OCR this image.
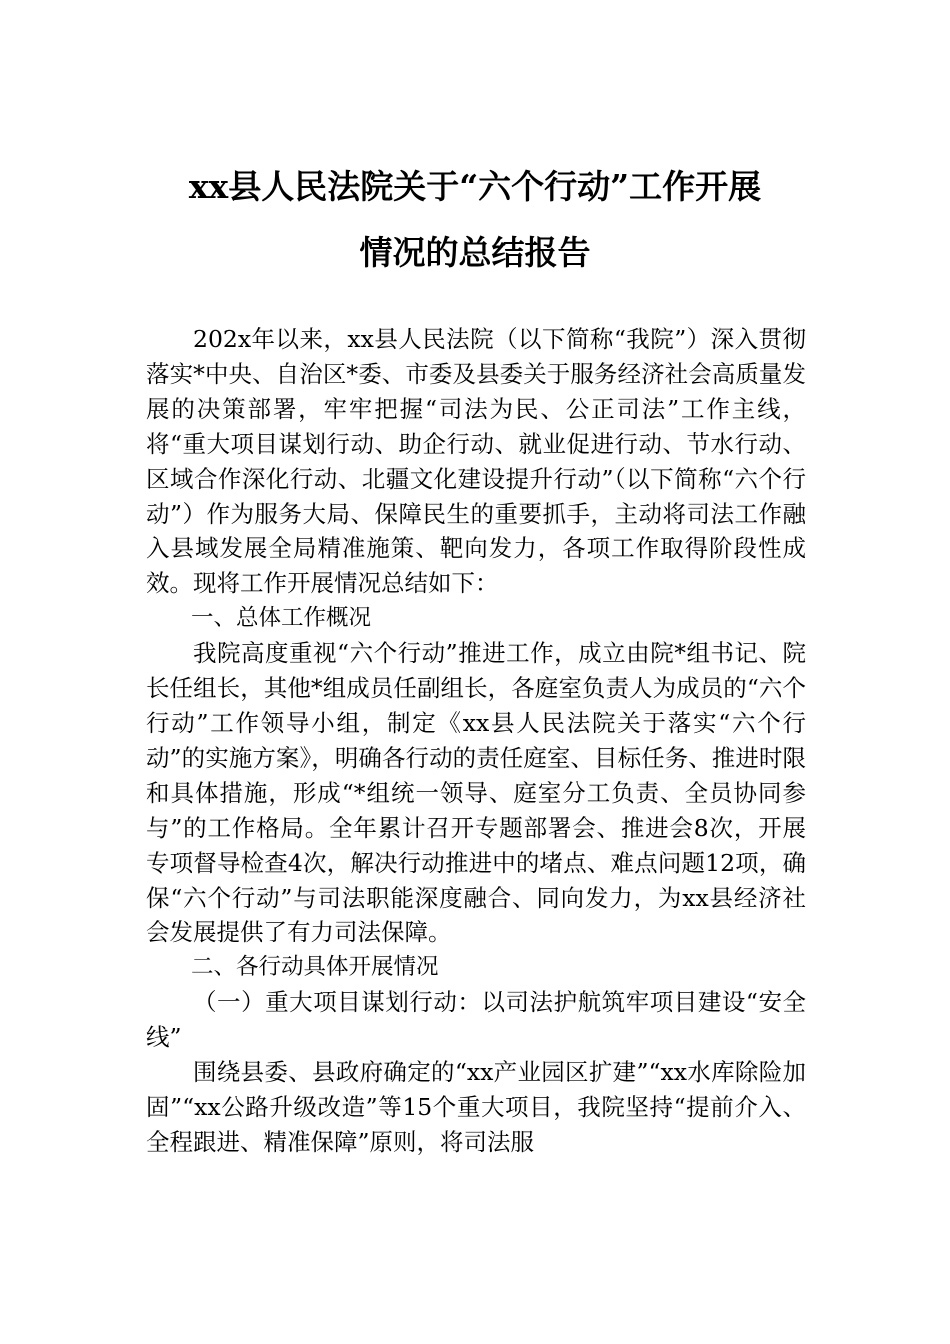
xx县人民法院关于“六个行动”工作开展
情况的总结报告

202x年以来，xx县人民法院（以下简称“我院”）深入贯彻落实*中央、自治区*委、市委及县委关于服务经济社会高质量发展的决策部署，牢牢把握“司法为民、公正司法”工作主线，将“重大项目谋划行动、助企行动、就业促进行动、节水行动、区域合作深化行动、北疆文化建设提升行动”（以下简称“六个行动”）作为服务大局、保障民生的重要抓手，主动将司法工作融入县域发展全局精准施策、靶向发力，各项工作取得阶段性成效。现将工作开展情况总结如下：

一、总体工作概况

我院高度重视“六个行动”推进工作，成立由院*组书记、院长任组长，其他*组成员任副组长，各庭室负责人为成员的“六个行动”工作领导小组，制定《xx县人民法院关于落实“六个行动”的实施方案》，明确各行动的责任庭室、目标任务、推进时限和具体措施，形成“*组统一领导、庭室分工负责、全员协同参与”的工作格局。全年累计召开专题部署会、推进会8次，开展专项督导检查4次，解决行动推进中的堵点、难点问题12项，确保“六个行动”与司法职能深度融合、同向发力，为xx县经济社会发展提供了有力司法保障。

二、各行动具体开展情况

（一）重大项目谋划行动：以司法护航筑牢项目建设“安全线”

围绕县委、县政府确定的“xx产业园区扩建”“xx水库除险加固”“xx公路升级改造”等15个重大项目，我院坚持“提前介入、全程跟进、精准保障”原则，将司法服
